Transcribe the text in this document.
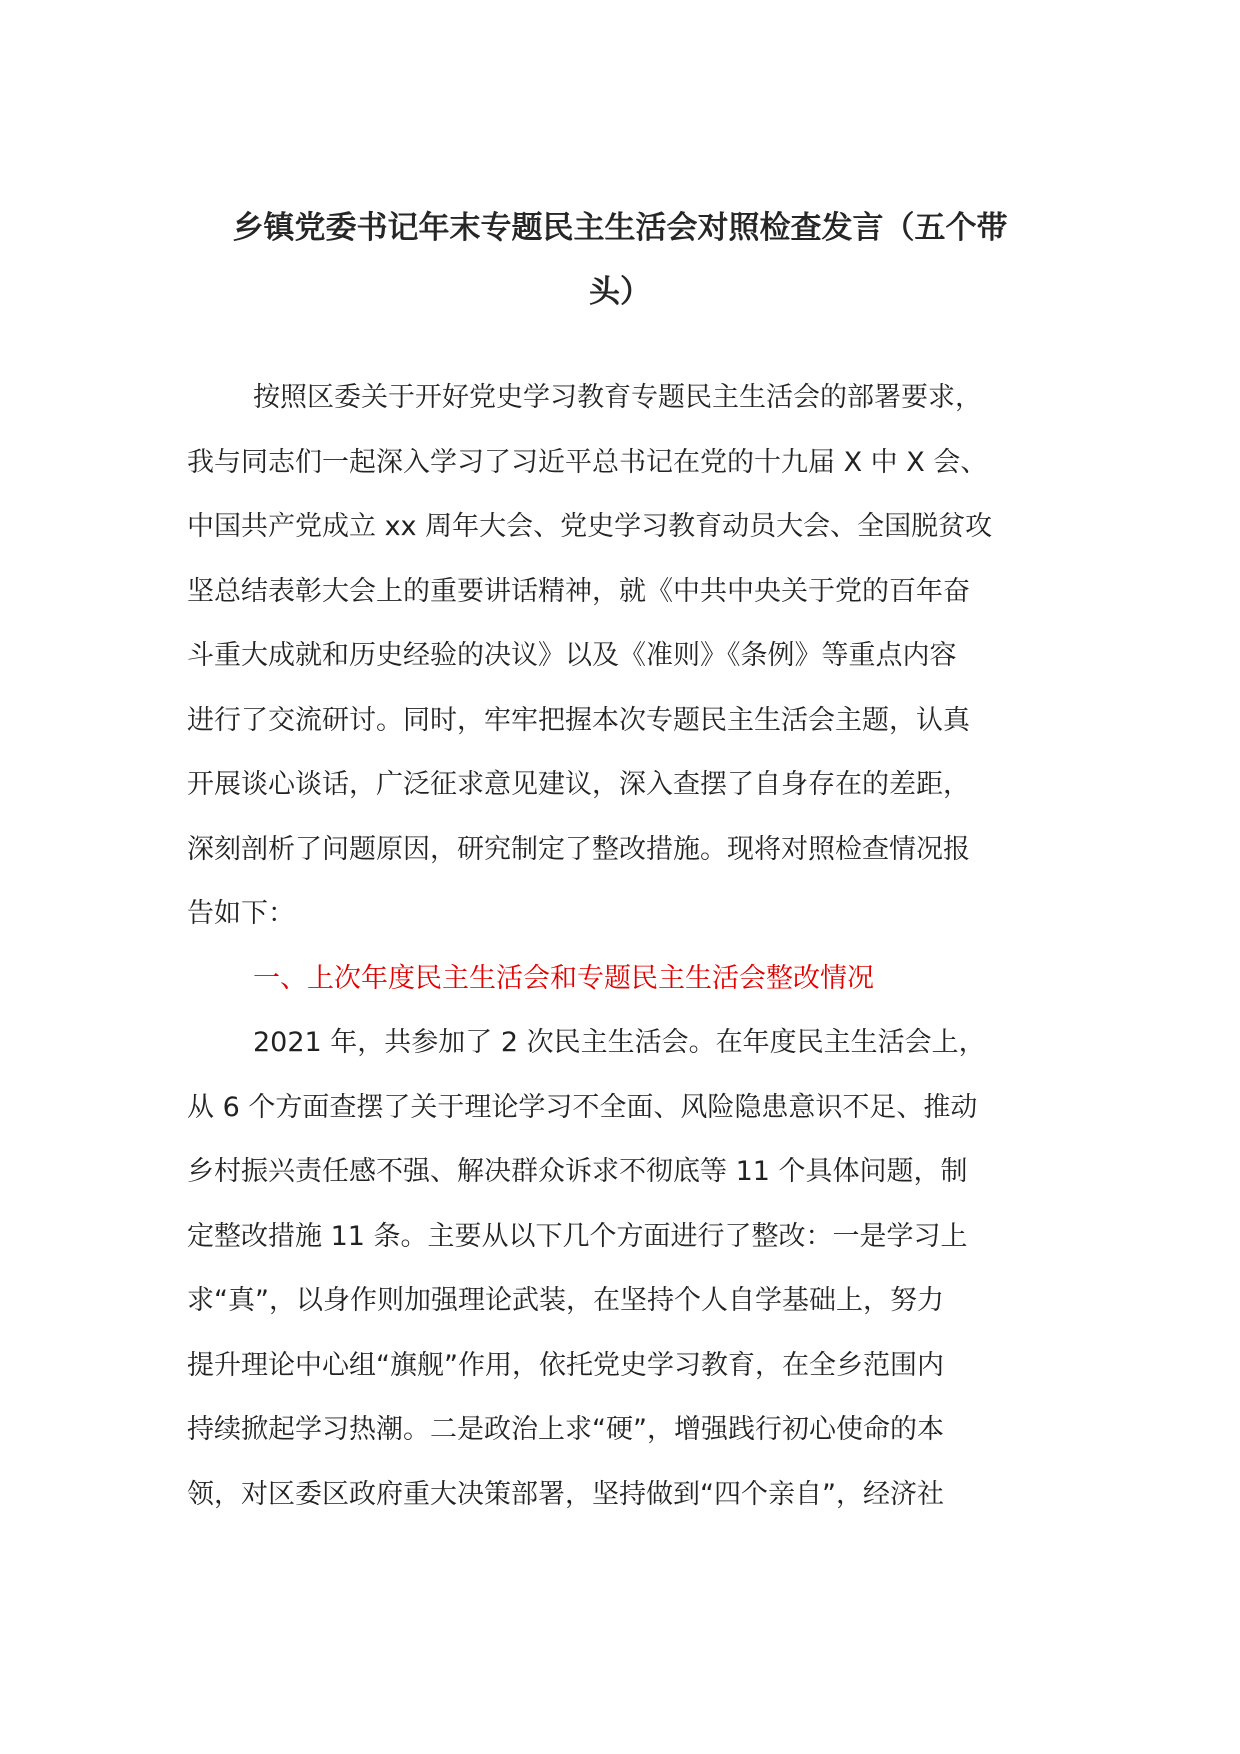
乡镇党委书记年末专题民主生活会对照检查发言（五个带
头）
按照区委关于开好党史学习教育专题民主生活会的部署要求，
我与同志们一起深入学习了习近平总书记在党的十九届 X 中 X 会、
中国共产党成立 xx 周年大会、党史学习教育动员大会、全国脱贫攻
坚总结表彰大会上的重要讲话精神，就《中共中央关于党的百年奋
斗重大成就和历史经验的决议》以及《准则》《条例》等重点内容
进行了交流研讨。同时，牢牢把握本次专题民主生活会主题，认真
开展谈心谈话，广泛征求意见建议，深入查摆了自身存在的差距，
深刻剖析了问题原因，研究制定了整改措施。现将对照检查情况报
告如下：
一、上次年度民主生活会和专题民主生活会整改情况
2021 年，共参加了 2 次民主生活会。在年度民主生活会上，
从 6 个方面查摆了关于理论学习不全面、风险隐患意识不足、推动
乡村振兴责任感不强、解决群众诉求不彻底等 11 个具体问题，制
定整改措施 11 条。主要从以下几个方面进行了整改：一是学习上
求“真”，以身作则加强理论武装，在坚持个人自学基础上，努力
提升理论中心组“旗舰”作用，依托党史学习教育，在全乡范围内
持续掀起学习热潮。二是政治上求“硬”，增强践行初心使命的本
领，对区委区政府重大决策部署，坚持做到“四个亲自”，经济社
